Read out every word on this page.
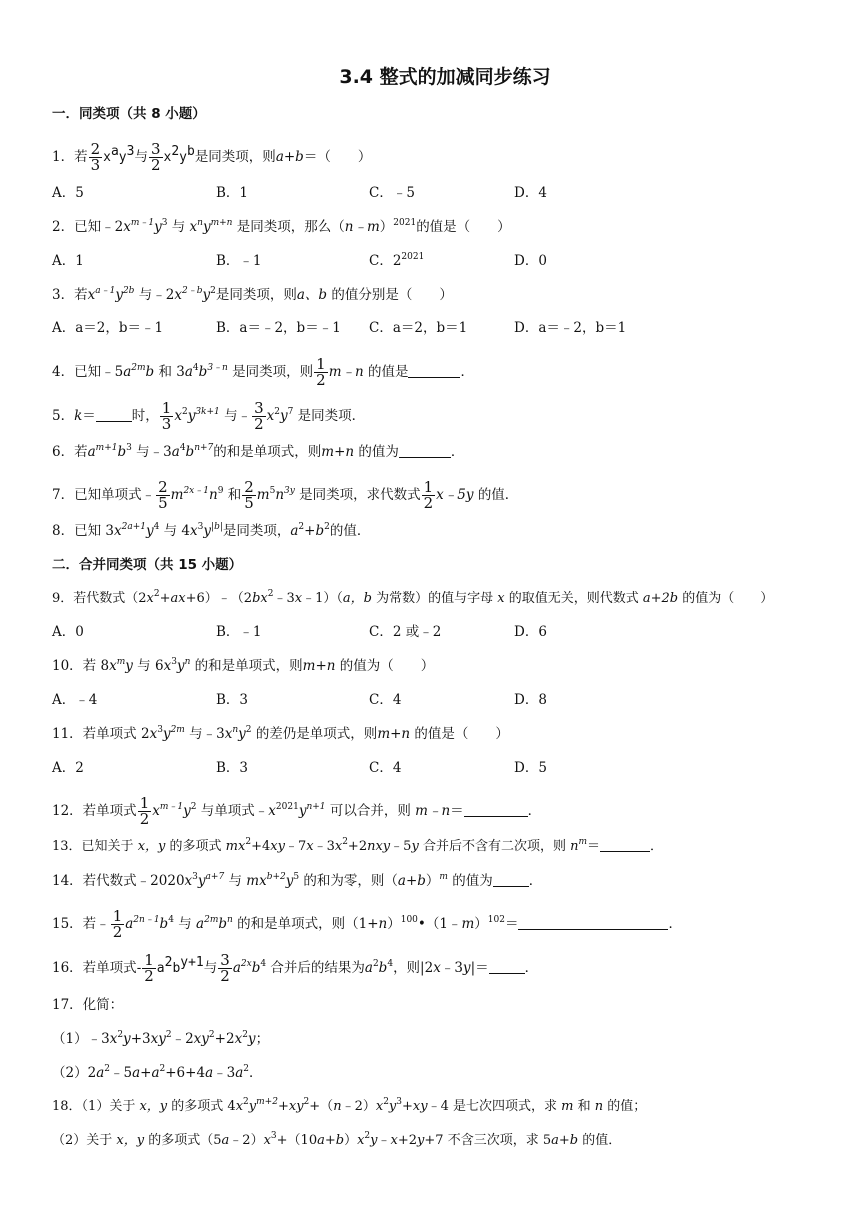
3.4 整式的加减同步练习
一．同类项（共 8 小题）
1．若 $\frac{2}{3} x^ay^3$与 $\frac{3}{2} x^2y^b$是同类项，则a+b＝（　　）
A．5	B．1	C．﹣5	D．4
2．已知$﹣2x^{m﹣1}y^3$ 与 $x^ny^{m+n}$ 是同类项，那么（n﹣m）$^{2021}$的值是（　　）
A．1	B．﹣1	C．$2^{2021}$	D．0
3．若$x^{a﹣1}y^{2b}$ 与$﹣2x^{2﹣b}y^2$是同类项，则a、b 的值分别是（　　）
A．a＝2，b＝﹣1	B．a＝﹣2，b＝﹣1 C．a＝2，b＝1	D．a＝﹣2，b＝1
4．已知$﹣5a^{2m}b$ 和 $3a^4b^{3﹣n}$ 是同类项，则 $\frac{1}{2}$ m﹣n 的值是	．
5．k＝	时， $\frac{1}{3} x^2y^{3k+1}$ 与﹣ $\frac{3}{2} x^2y^7$ 是同类项．
6．若$a^{m+1}b^3$ 与$﹣3a^4b^{n+7}$的和是单项式，则m+n 的值为	．
7．已知单项式﹣ $\frac{2}{5} m^{2x﹣1}n^9$ 和 $\frac{2}{5} m^5n^{3y}$ 是同类项，求代数式 $\frac{1}{2}$ x﹣5y 的值．
8．已知 $3x^{2a+1}y^4$ 与 $4x^3y^{|b|}$是同类项，$a^2+b^2$的值．
二．合并同类项（共 15 小题）
9．若代数式$(2x^2+ax+6)﹣(2bx^2﹣3x﹣1)(a$，b 为常数）的值与字母 x 的取值无关，则代数式 a+2b 的值为（　　）
A．0	B．﹣1	C．2 或﹣2	D．6
10．若 $8x^my$ 与 $6x^3y^n$ 的和是单项式，则m+n 的值为（　　）
A．﹣4	B．3	C．4	D．8
11．若单项式 $2x^3y^{2m}$ 与$﹣3x^ny^2$ 的差仍是单项式，则m+n 的值是（　　）
A．2	B．3	C．4	D．5
12．若单项式 $\frac{1}{2} x^{m﹣1}y^2$ 与单项式$﹣x^{2021}y^{n+1}$ 可以合并，则 m﹣n＝	．
13．已知关于 x，y 的多项式 $mx^2+4xy﹣7x﹣3x^2+2nxy﹣5y$ 合并后不含有二次项，则 $n^m=$	．
14．若代数式$﹣2020x^3y^{a+7}$ 与 $mx^{b+2}y^5$ 的和为零，则$(a+b)^m$ 的值为	．
15．若﹣ $\frac{1}{2} a^{2n﹣1}b^4$ 与 $a^{2m}b^n$ 的和是单项式，则$(1+n)^{100}•(1﹣m)^{102}=$	．
16．若单项式- $\frac{1}{2} a^2b^{y+1}$与 $\frac{3}{2} a^{2x}b^4$ 合并后的结果为$a^2b^4$，则|2x﹣3y|＝	．
17．化简：
$(1)﹣3x^2y+3xy^2﹣2xy^2+2x^2y$；
$(2)2a^2﹣5a+a^2+6+4a﹣3a^2$．
18．（1）关于 x，y 的多项式 $4x^2y^{m+2}+xy^2+(n﹣2)x^2y^3+xy﹣4$ 是七次四项式，求 m 和 n 的值；
（2）关于 x，y 的多项式$(5a﹣2)x^3+(10a+b)x^2y﹣x+2y+7$ 不含三次项，求 5a+b 的值．
